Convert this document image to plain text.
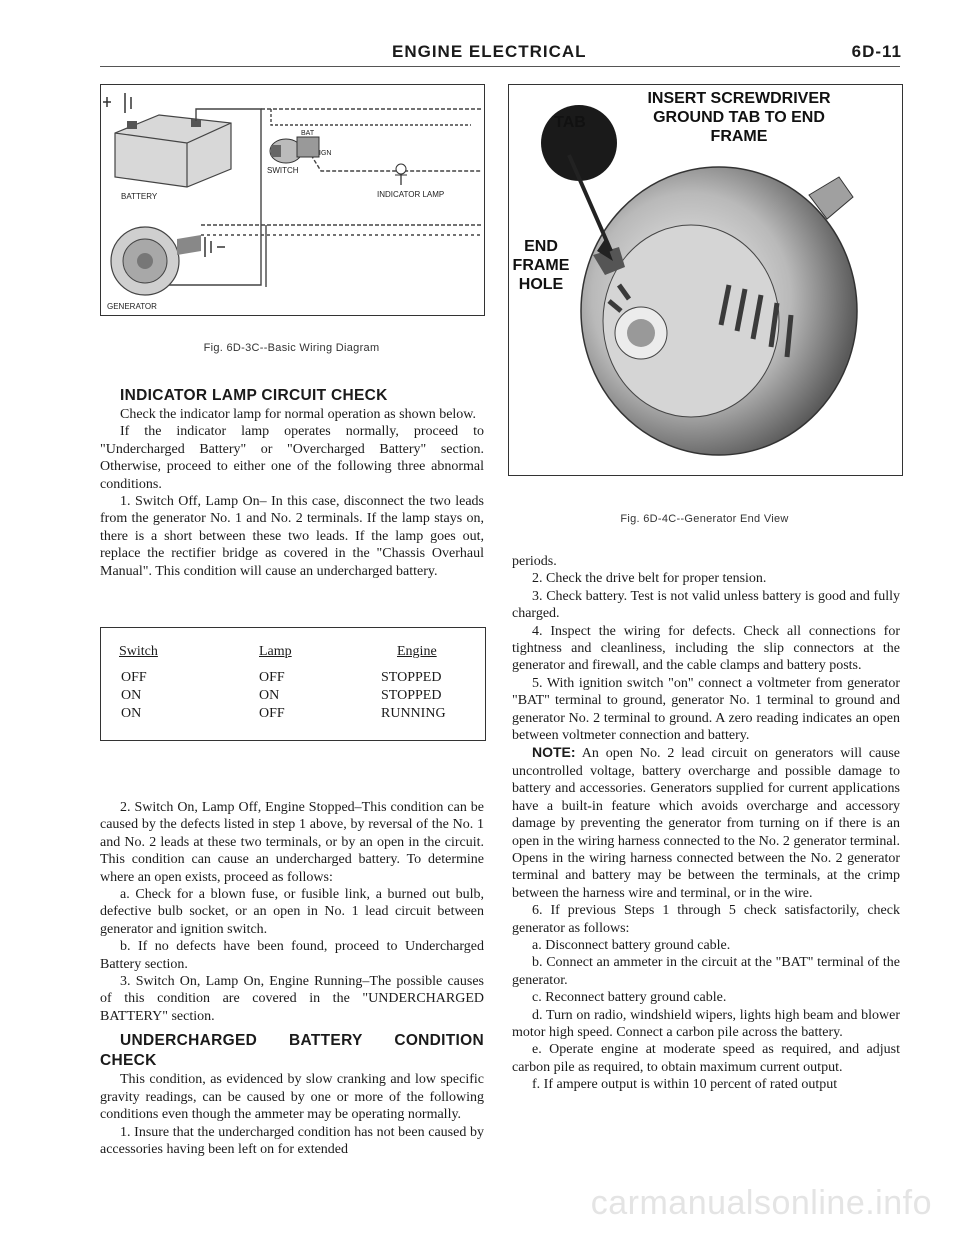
ENGINE ELECTRICAL	6D-11
BATTERY
SWITCH
BAT
IGN
INDICATOR LAMP
GENERATOR
Fig. 6D-3C--Basic Wiring Diagram
INSERT SCREWDRIVER GROUND TAB TO END FRAME
TAB
END FRAME HOLE
Fig. 6D-4C--Generator End View

INDICATOR LAMP CIRCUIT CHECK

Check the indicator lamp for normal operation as shown below.

If the indicator lamp operates normally, proceed to "Undercharged Battery" or "Overcharged Battery" section. Otherwise, proceed to either one of the following three abnormal conditions.

1. Switch Off, Lamp On– In this case, disconnect the two leads from the generator No. 1 and No. 2 terminals. If the lamp stays on, there is a short between these two leads. If the lamp goes out, replace the rectifier bridge as covered in the "Chassis Overhaul Manual". This condition will cause an undercharged battery.

Switch	Lamp	Engine
OFF	OFF	STOPPED
ON	ON	STOPPED
ON	OFF	RUNNING

2. Switch On, Lamp Off, Engine Stopped–This condition can be caused by the defects listed in step 1 above, by reversal of the No. 1 and No. 2 leads at these two terminals, or by an open in the circuit. This condition can cause an undercharged battery. To determine where an open exists, proceed as follows:

a. Check for a blown fuse, or fusible link, a burned out bulb, defective bulb socket, or an open in No. 1 lead circuit between generator and ignition switch.

b. If no defects have been found, proceed to Undercharged Battery section.

3. Switch On, Lamp On, Engine Running–The possible causes of this condition are covered in the "UNDERCHARGED BATTERY" section.

UNDERCHARGED BATTERY CONDITION CHECK

This condition, as evidenced by slow cranking and low specific gravity readings, can be caused by one or more of the following conditions even though the ammeter may be operating normally.

1. Insure that the undercharged condition has not been caused by accessories having been left on for extended

periods.

2. Check the drive belt for proper tension.

3. Check battery. Test is not valid unless battery is good and fully charged.

4. Inspect the wiring for defects. Check all connections for tightness and cleanliness, including the slip connectors at the generator and firewall, and the cable clamps and battery posts.

5. With ignition switch "on" connect a voltmeter from generator "BAT" terminal to ground, generator No. 1 terminal to ground and generator No. 2 terminal to ground. A zero reading indicates an open between voltmeter connection and battery.

NOTE: An open No. 2 lead circuit on generators will cause uncontrolled voltage, battery overcharge and possible damage to battery and accessories. Generators supplied for current applications have a built-in feature which avoids overcharge and accessory damage by preventing the generator from turning on if there is an open in the wiring harness connected to the No. 2 generator terminal. Opens in the wiring harness connected between the No. 2 generator terminal and battery may be between the terminals, at the crimp between the harness wire and terminal, or in the wire.

6. If previous Steps 1 through 5 check satisfactorily, check generator as follows:

a. Disconnect battery ground cable.

b. Connect an ammeter in the circuit at the "BAT" terminal of the generator.

c. Reconnect battery ground cable.

d. Turn on radio, windshield wipers, lights high beam and blower motor high speed. Connect a carbon pile across the battery.

e. Operate engine at moderate speed as required, and adjust carbon pile as required, to obtain maximum current output.

f. If ampere output is within 10 percent of rated output

carmanualsonline.info
